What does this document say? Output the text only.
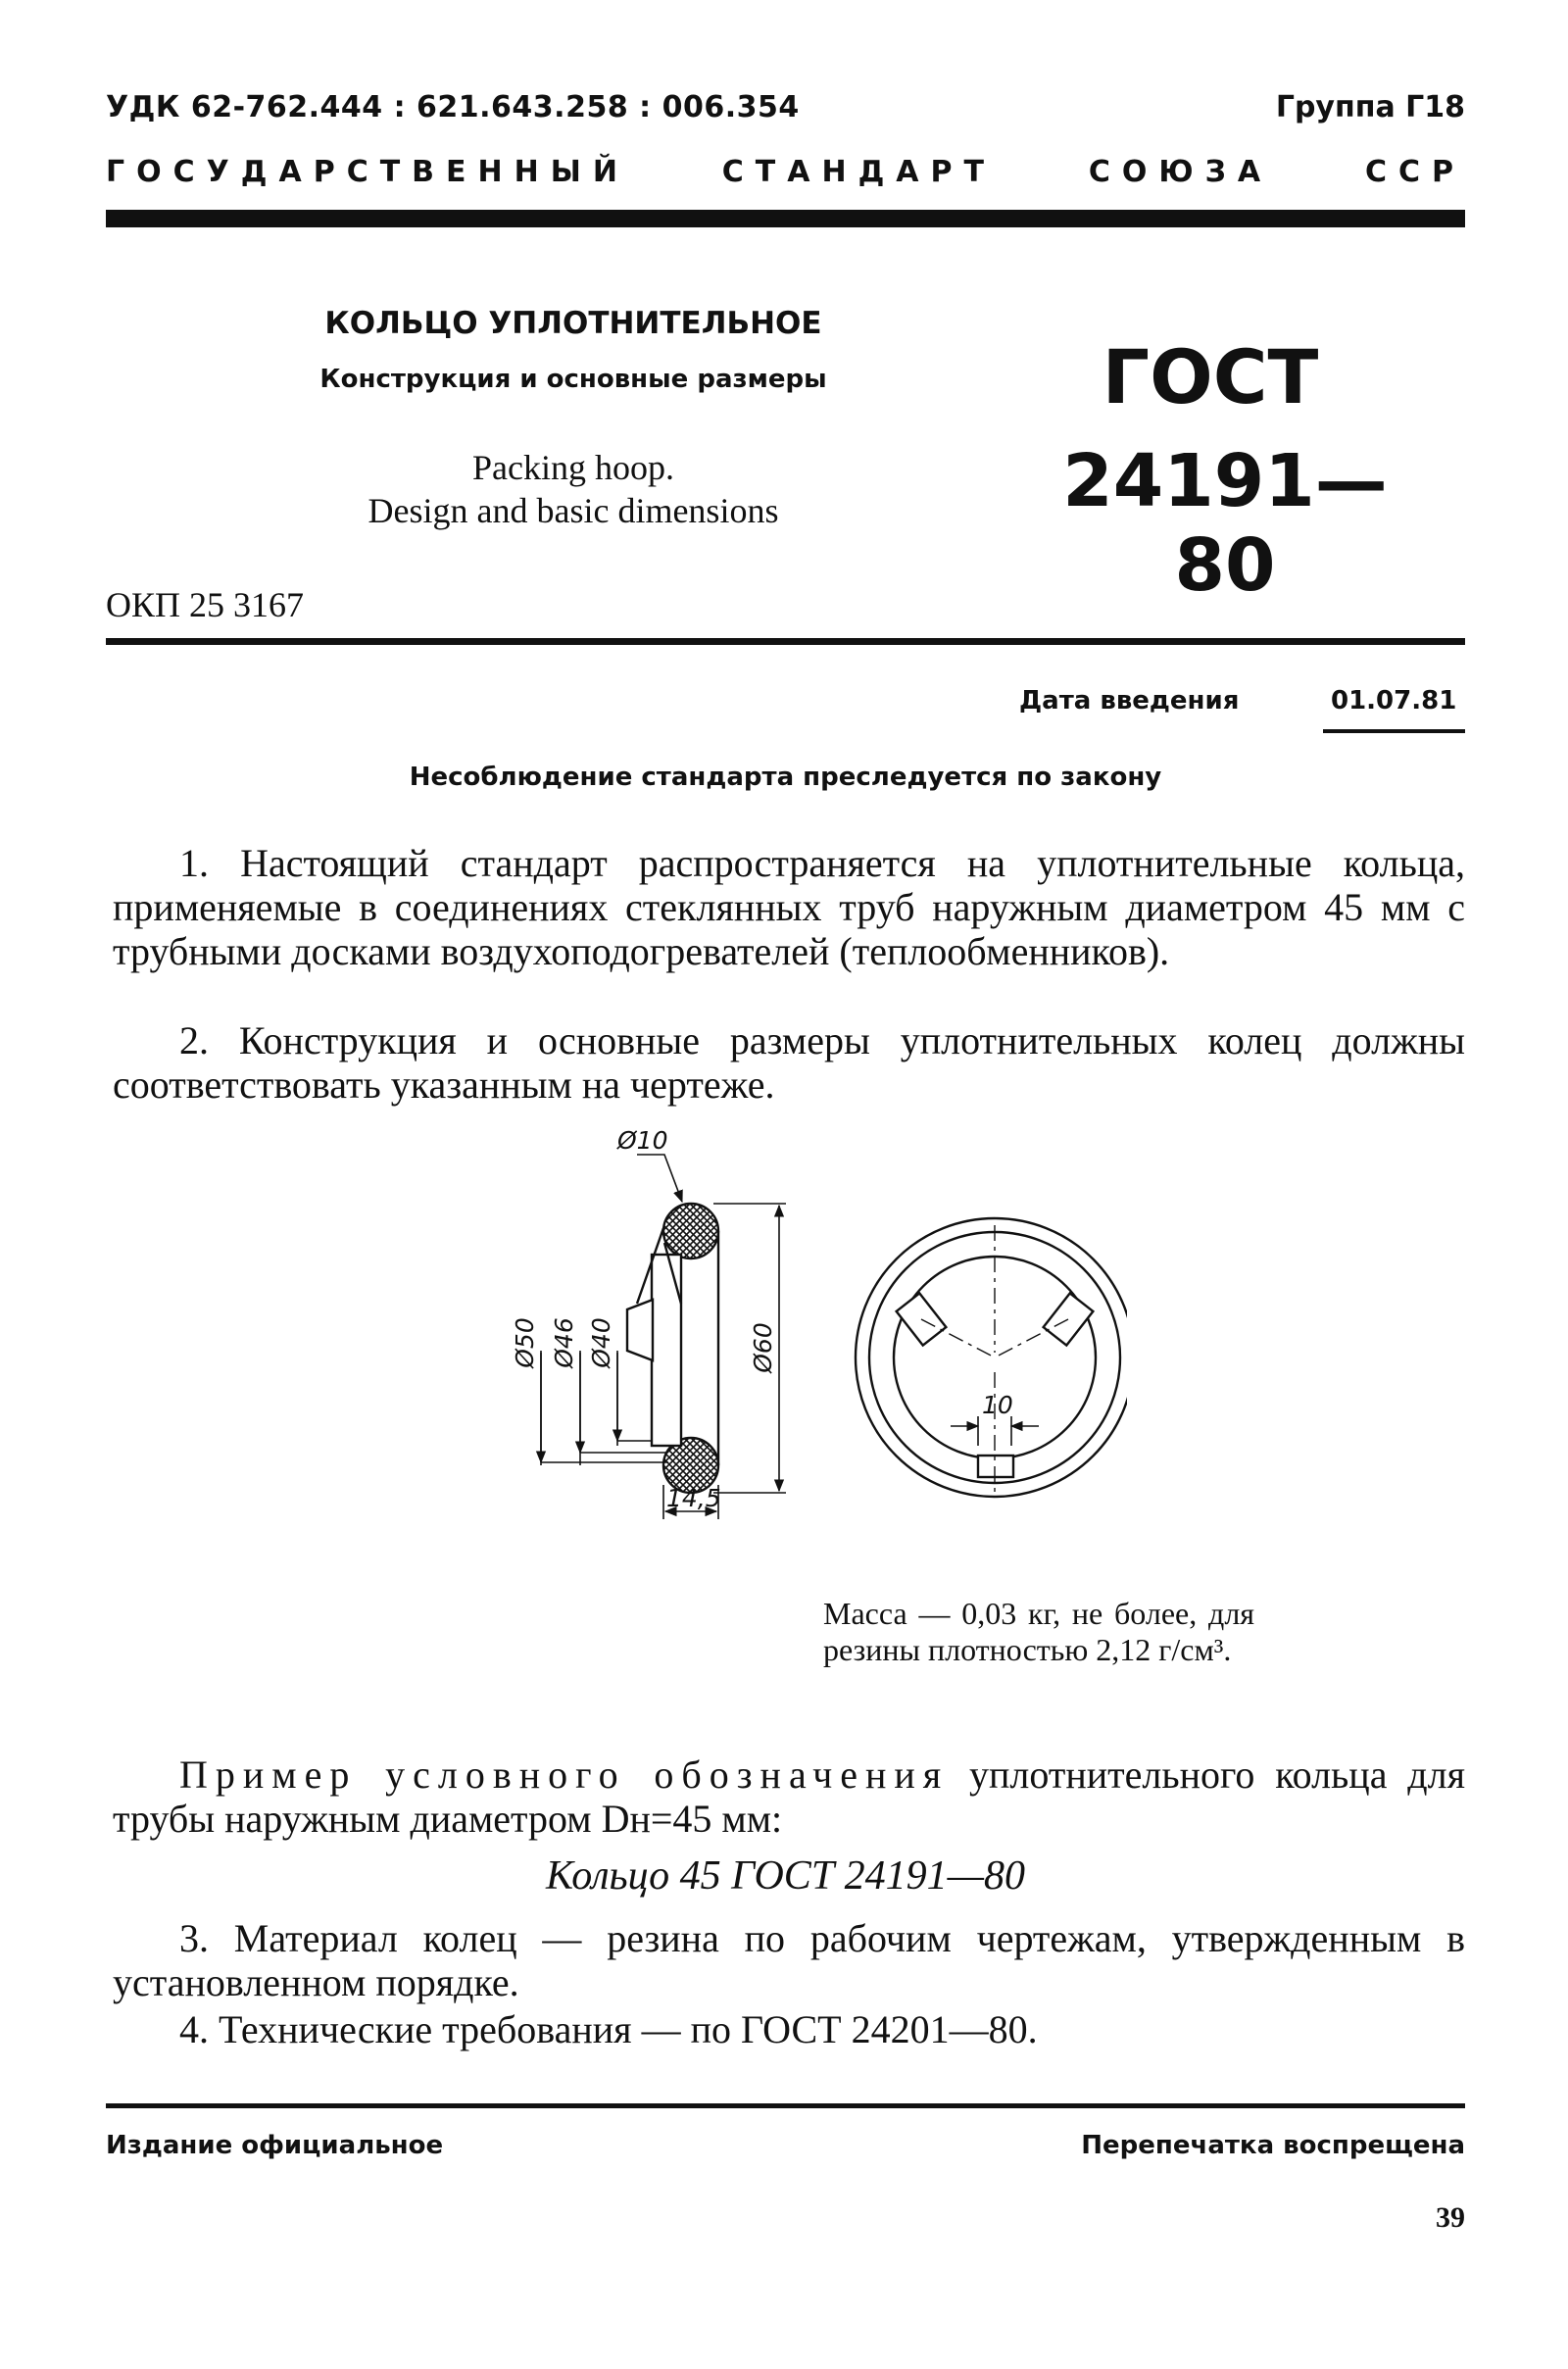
УДК 62-762.444 : 621.643.258 : 006.354	Группа Г18
ГОСУДАРСТВЕННЫЙ	СТАНДАРТ	СОЮЗА	ССР
КОЛЬЦО УПЛОТНИТЕЛЬНОЕ
Конструкция и основные размеры
Packing hoop.
Design and basic dimensions
ГОСТ
24191—80
ОКП 25 3167
Дата введения	01.07.81
Несоблюдение стандарта преследуется по закону
1. Настоящий стандарт распространяется на уплотнительные кольца, применяемые в соединениях стеклянных труб наружным диаметром 45 мм с трубными досками воздухоподогревателей (теплообменников).
2. Конструкция и основные размеры уплотнительных колец должны соответствовать указанным на чертеже.
Ø10
Ø50 Ø46 Ø40	Ø60
14,5
10
Масса — 0,03 кг, не более, для резины плотностью 2,12 г/см³.
Пример условного обозначения уплотнительного кольца для трубы наружным диаметром Dн=45 мм:
Кольцо 45 ГОСТ 24191—80
3. Материал колец — резина по рабочим чертежам, утвержденным в установленном порядке.
4. Технические требования — по ГОСТ 24201—80.
Издание официальное	Перепечатка воспрещена
39
